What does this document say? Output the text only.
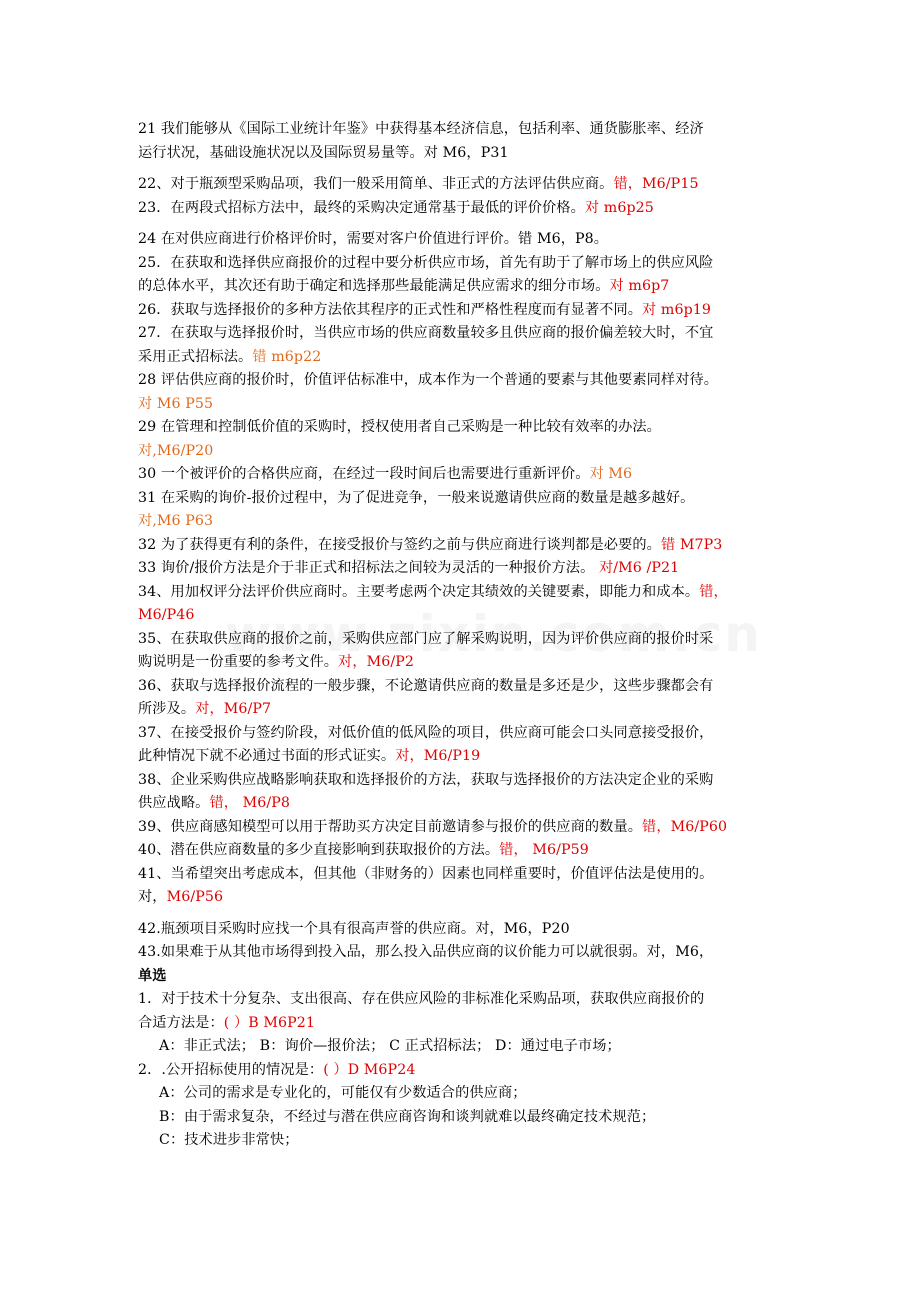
21 我们能够从《国际工业统计年鉴》中获得基本经济信息，包括利率、通货膨胀率、经济
运行状况，基础设施状况以及国际贸易量等。对 M6，P31
22、对于瓶颈型采购品项，我们一般采用简单、非正式的方法评估供应商。错，M6/P15
23．在两段式招标方法中，最终的采购决定通常基于最低的评价价格。对 m6p25
24 在对供应商进行价格评价时，需要对客户价值进行评价。错 M6，P8。
25．在获取和选择供应商报价的过程中要分析供应市场，首先有助于了解市场上的供应风险
的总体水平，其次还有助于确定和选择那些最能满足供应需求的细分市场。对 m6p7
26．获取与选择报价的多种方法依其程序的正式性和严格性程度而有显著不同。对 m6p19
27．在获取与选择报价时，当供应市场的供应商数量较多且供应商的报价偏差较大时，不宜
采用正式招标法。错 m6p22
28 评估供应商的报价时，价值评估标准中，成本作为一个普通的要素与其他要素同样对待。
对 M6 P55
29 在管理和控制低价值的采购时，授权使用者自己采购是一种比较有效率的办法。
对,M6/P20
30 一个被评价的合格供应商，在经过一段时间后也需要进行重新评价。对 M6
31 在采购的询价-报价过程中，为了促进竞争，一般来说邀请供应商的数量是越多越好。
对,M6 P63
32 为了获得更有利的条件，在接受报价与签约之前与供应商进行谈判都是必要的。错 M7P3
33 询价/报价方法是介于非正式和招标法之间较为灵活的一种报价方法。 对/M6 /P21
34、用加权评分法评价供应商时。主要考虑两个决定其绩效的关键要素，即能力和成本。错，
M6/P46
35、在获取供应商的报价之前，采购供应部门应了解采购说明，因为评价供应商的报价时采
购说明是一份重要的参考文件。对，M6/P2
36、获取与选择报价流程的一般步骤，不论邀请供应商的数量是多还是少，这些步骤都会有
所涉及。对，M6/P7
37、在接受报价与签约阶段，对低价值的低风险的项目，供应商可能会口头同意接受报价，
此种情况下就不必通过书面的形式证实。对，M6/P19
38、企业采购供应战略影响获取和选择报价的方法，获取与选择报价的方法决定企业的采购
供应战略。错， M6/P8
39、供应商感知模型可以用于帮助买方决定目前邀请参与报价的供应商的数量。错，M6/P60
40、潜在供应商数量的多少直接影响到获取报价的方法。错， M6/P59
41、当希望突出考虑成本，但其他（非财务的）因素也同样重要时，价值评估法是使用的。
对，M6/P56
42.瓶颈项目采购时应找一个具有很高声誉的供应商。对，M6，P20
43.如果难于从其他市场得到投入品，那么投入品供应商的议价能力可以就很弱。对，M6，
单选
1．对于技术十分复杂、支出很高、存在供应风险的非标准化采购品项，获取供应商报价的
合适方法是：( ）B M6P21
A：非正式法； B：询价—报价法； C 正式招标法； D：通过电子市场；
2．.公开招标使用的情况是：( ）D M6P24
A：公司的需求是专业化的，可能仅有少数适合的供应商；
B：由于需求复杂，不经过与潜在供应商咨询和谈判就难以最终确定技术规范；
C：技术进步非常快；
